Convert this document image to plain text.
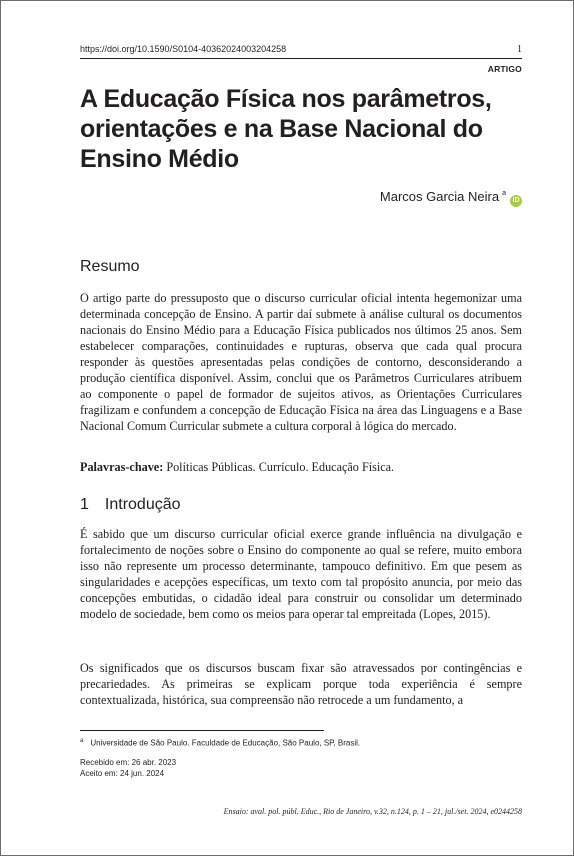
https://doi.org/10.1590/S0104-40362024003204258	1
ARTIGO
A Educação Física nos parâmetros, orientações e na Base Nacional do Ensino Médio
Marcos Garcia Neira $^a$iD
Resumo

O artigo parte do pressuposto que o discurso curricular oficial intenta hegemonizar uma determinada concepção de Ensino. A partir daí submete à análise cultural os documentos nacionais do Ensino Médio para a Educação Física publicados nos últimos 25 anos. Sem estabelecer comparações, continuidades e rupturas, observa que cada qual procura responder às questões apresentadas pelas condições de contorno, desconsiderando a produção científica disponível. Assim, conclui que os Parâmetros Curriculares atribuem ao componente o papel de formador de sujeitos ativos, as Orientações Curriculares fragilizam e confundem a concepção de Educação Física na área das Linguagens e a Base Nacional Comum Curricular submete a cultura corporal à lógica do mercado.

Palavras-chave: Políticas Públicas. Currículo. Educação Física.
1 Introdução

É sabido que um discurso curricular oficial exerce grande influência na divulgação e fortalecimento de noções sobre o Ensino do componente ao qual se refere, muito embora isso não represente um processo determinante, tampouco definitivo. Em que pesem as singularidades e acepções específicas, um texto com tal propósito anuncia, por meio das concepções embutidas, o cidadão ideal para construir ou consolidar um determinado modelo de sociedade, bem como os meios para operar tal empreitada (Lopes, 2015).

Os significados que os discursos buscam fixar são atravessados por contingências e precariedades. As primeiras se explicam porque toda experiência é sempre contextualizada, histórica, sua compreensão não retrocede a um fundamento, a

$^a$ Universidade de São Paulo. Faculdade de Educação, São Paulo, SP, Brasil.
Recebido em: 26 abr. 2023
Aceito em: 24 jun. 2024
Ensaio: aval. pol. públ. Educ., Rio de Janeiro, v.32, n.124, p. 1 – 21, jul./set. 2024, e0244258
